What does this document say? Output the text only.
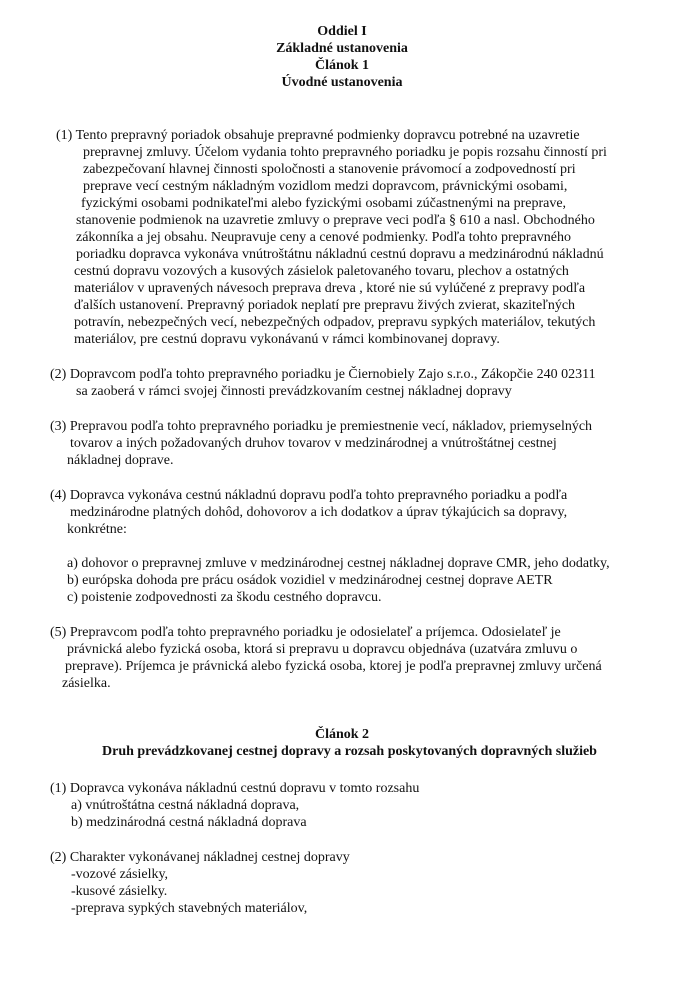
Oddiel I
Základné ustanovenia
Článok 1
Úvodné ustanovenia
(1) Tento prepravný poriadok obsahuje prepravné podmienky dopravcu potrebné na uzavretie
prepravnej zmluvy. Účelom vydania tohto prepravného poriadku je popis rozsahu činností pri
zabezpečovaní hlavnej činnosti spoločnosti a stanovenie právomocí a zodpovedností pri
preprave vecí cestným nákladným vozidlom medzi dopravcom, právnickými osobami,
fyzickými osobami podnikateľmi alebo fyzickými osobami zúčastnenými na preprave,
stanovenie podmienok na uzavretie zmluvy o preprave veci podľa § 610 a nasl. Obchodného
zákonníka a jej obsahu. Neupravuje ceny a cenové podmienky. Podľa tohto prepravného
poriadku dopravca vykonáva vnútroštátnu nákladnú cestnú dopravu a medzinárodnú nákladnú
cestnú dopravu vozových a kusových zásielok paletovaného tovaru, plechov a ostatných
materiálov v upravených návesoch preprava dreva , ktoré nie sú vylúčené z prepravy podľa
ďalších ustanovení. Prepravný poriadok neplatí pre prepravu živých zvierat, skaziteľných
potravín, nebezpečných vecí, nebezpečných odpadov, prepravu sypkých materiálov, tekutých
materiálov, pre cestnú dopravu vykonávanú v rámci kombinovanej dopravy.
(2) Dopravcom podľa tohto prepravného poriadku je Čiernobiely Zajo s.r.o., Zákopčie 240 02311
sa zaoberá v rámci svojej činnosti prevádzkovaním cestnej nákladnej dopravy
(3) Prepravou podľa tohto prepravného poriadku je premiestnenie vecí, nákladov, priemyselných
tovarov a iných požadovaných druhov tovarov v medzinárodnej a vnútroštátnej cestnej
nákladnej doprave.
(4) Dopravca vykonáva cestnú nákladnú dopravu podľa tohto prepravného poriadku a podľa
medzinárodne platných dohôd, dohovorov a ich dodatkov a úprav týkajúcich sa dopravy,
konkrétne:
a) dohovor o prepravnej zmluve v medzinárodnej cestnej nákladnej doprave CMR, jeho dodatky,
b) európska dohoda pre prácu osádok vozidiel v medzinárodnej cestnej doprave AETR
c) poistenie zodpovednosti za škodu cestného dopravcu.
(5) Prepravcom podľa tohto prepravného poriadku je odosielateľ a príjemca. Odosielateľ je
právnická alebo fyzická osoba, ktorá si prepravu u dopravcu objednáva (uzatvára zmluvu o
preprave). Príjemca je právnická alebo fyzická osoba, ktorej je podľa prepravnej zmluvy určená
zásielka.
Článok 2
Druh prevádzkovanej cestnej dopravy a rozsah poskytovaných dopravných služieb
(1) Dopravca vykonáva nákladnú cestnú dopravu v tomto rozsahu
a) vnútroštátna cestná nákladná doprava,
b) medzinárodná cestná nákladná doprava
(2) Charakter vykonávanej nákladnej cestnej dopravy
-vozové zásielky,
-kusové zásielky.
-preprava sypkých stavebných materiálov,
